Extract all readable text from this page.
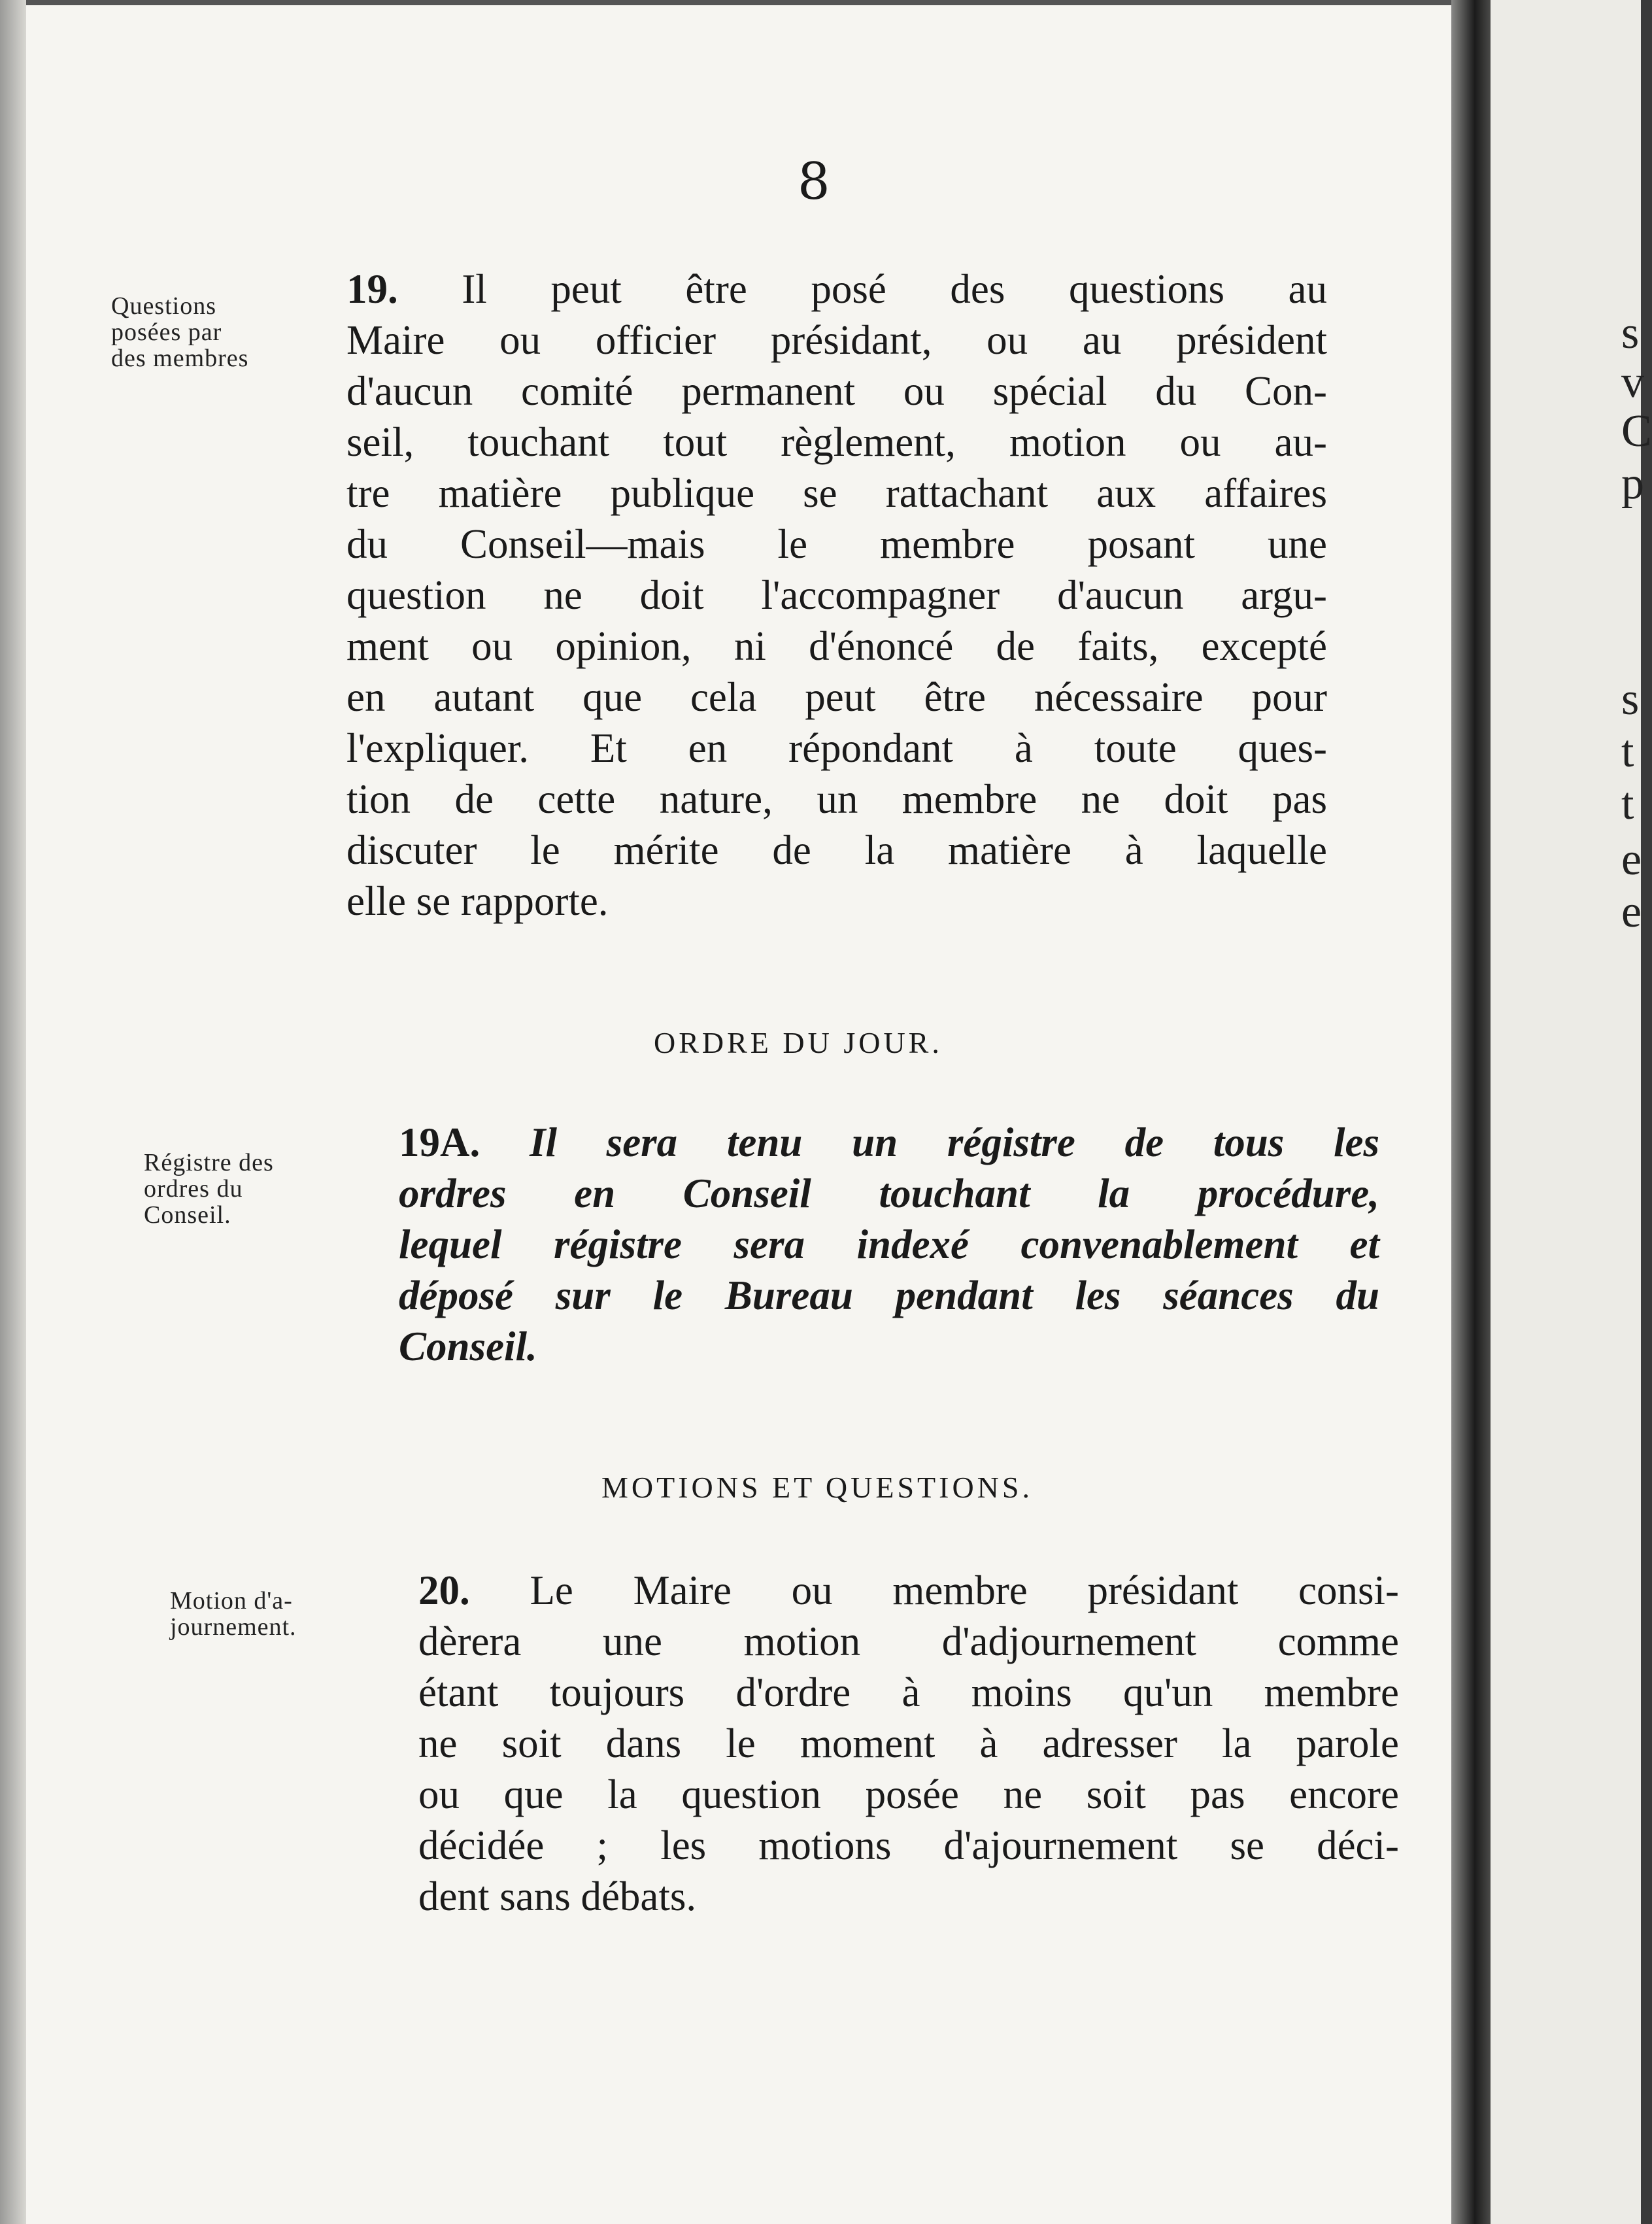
8
Questions
posées par
des membres
19. Il peut être posé des questions au
Maire ou officier présidant, ou au président
d'aucun comité permanent ou spécial du Con-
seil, touchant tout règlement, motion ou au-
tre matière publique se rattachant aux affaires
du Conseil—mais le membre posant une
question ne doit l'accompagner d'aucun argu-
ment ou opinion, ni d'énoncé de faits, excepté
en autant que cela peut être nécessaire pour
l'expliquer. Et en répondant à toute ques-
tion de cette nature, un membre ne doit pas
discuter le mérite de la matière à laquelle
elle se rapporte.
ORDRE DU JOUR.
Régistre des
ordres du
Conseil.
19A. Il sera tenu un régistre de tous les
ordres en Conseil touchant la procédure,
lequel régistre sera indexé convenablement et
déposé sur le Bureau pendant les séances du
Conseil.
MOTIONS ET QUESTIONS.
Motion d'a-
journement.
20. Le Maire ou membre présidant consi-
dèrera une motion d'adjournement comme
étant toujours d'ordre à moins qu'un membre
ne soit dans le moment à adresser la parole
ou que la question posée ne soit pas encore
décidée ; les motions d'ajournement se déci-
dent sans débats.
s
v
C
p
s
t
t
e
e
